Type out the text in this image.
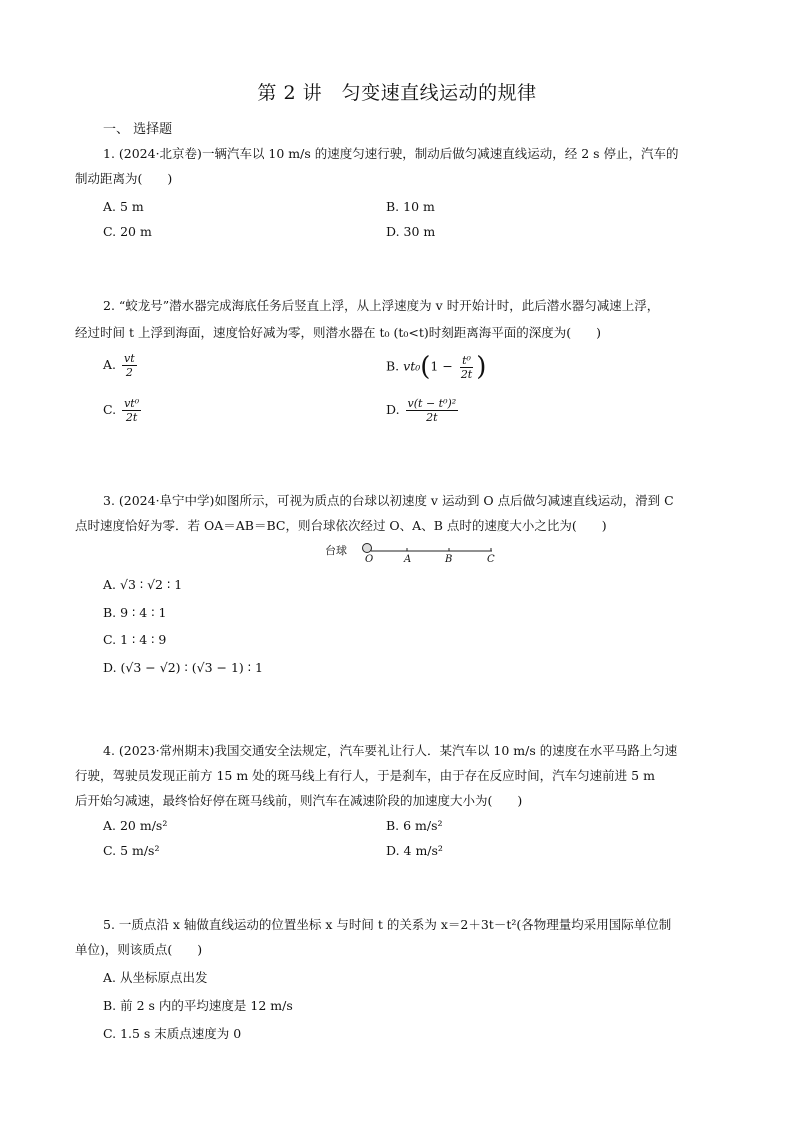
第 2 讲　匀变速直线运动的规律
一、 选择题
1. (2024·北京卷)一辆汽车以 10 m/s 的速度匀速行驶，制动后做匀减速直线运动，经 2 s 停止，汽车的
制动距离为(　　)
A. 5 m	B. 10 m
C. 20 m	D. 30 m
2. “蛟龙号”潜水器完成海底任务后竖直上浮，从上浮速度为 v 时开始计时，此后潜水器匀减速上浮，
经过时间 t 上浮到海面，速度恰好减为零，则潜水器在 t₀ (t₀<t)时刻距离海平面的深度为(　　)
A. $\frac{vt}{2}$	B. $vt_0(1 - \frac{\text{t⁰}}{2t}$ )
C. $\frac{\text{vt⁰}}{2t}$	D. $\frac{\text{v(t − t⁰)²}}{2t}$
3. (2024·阜宁中学)如图所示，可视为质点的台球以初速度 v 运动到 O 点后做匀减速直线运动，滑到 C
点时速度恰好为零．若 OA＝AB＝BC，则台球依次经过 O、A、B 点时的速度大小之比为(　　)
台球
O	A	B	C
A. √3 ∶ √2 ∶ 1
B. 9 ∶ 4 ∶ 1
C. 1 ∶ 4 ∶ 9
D. (√3 − √2) ∶ (√3 − 1) ∶ 1
4. (2023·常州期末)我国交通安全法规定，汽车要礼让行人．某汽车以 10 m/s 的速度在水平马路上匀速
行驶，驾驶员发现正前方 15 m 处的斑马线上有行人，于是刹车，由于存在反应时间，汽车匀速前进 5 m
后开始匀减速，最终恰好停在斑马线前，则汽车在减速阶段的加速度大小为(　　)
A. 20 m/s²	B. 6 m/s²
C. 5 m/s²	D. 4 m/s²
5. 一质点沿 x 轴做直线运动的位置坐标 x 与时间 t 的关系为 x＝2＋3t－t²(各物理量均采用国际单位制
单位)，则该质点(　　)
A. 从坐标原点出发
B. 前 2 s 内的平均速度是 12 m/s
C. 1.5 s 末质点速度为 0
